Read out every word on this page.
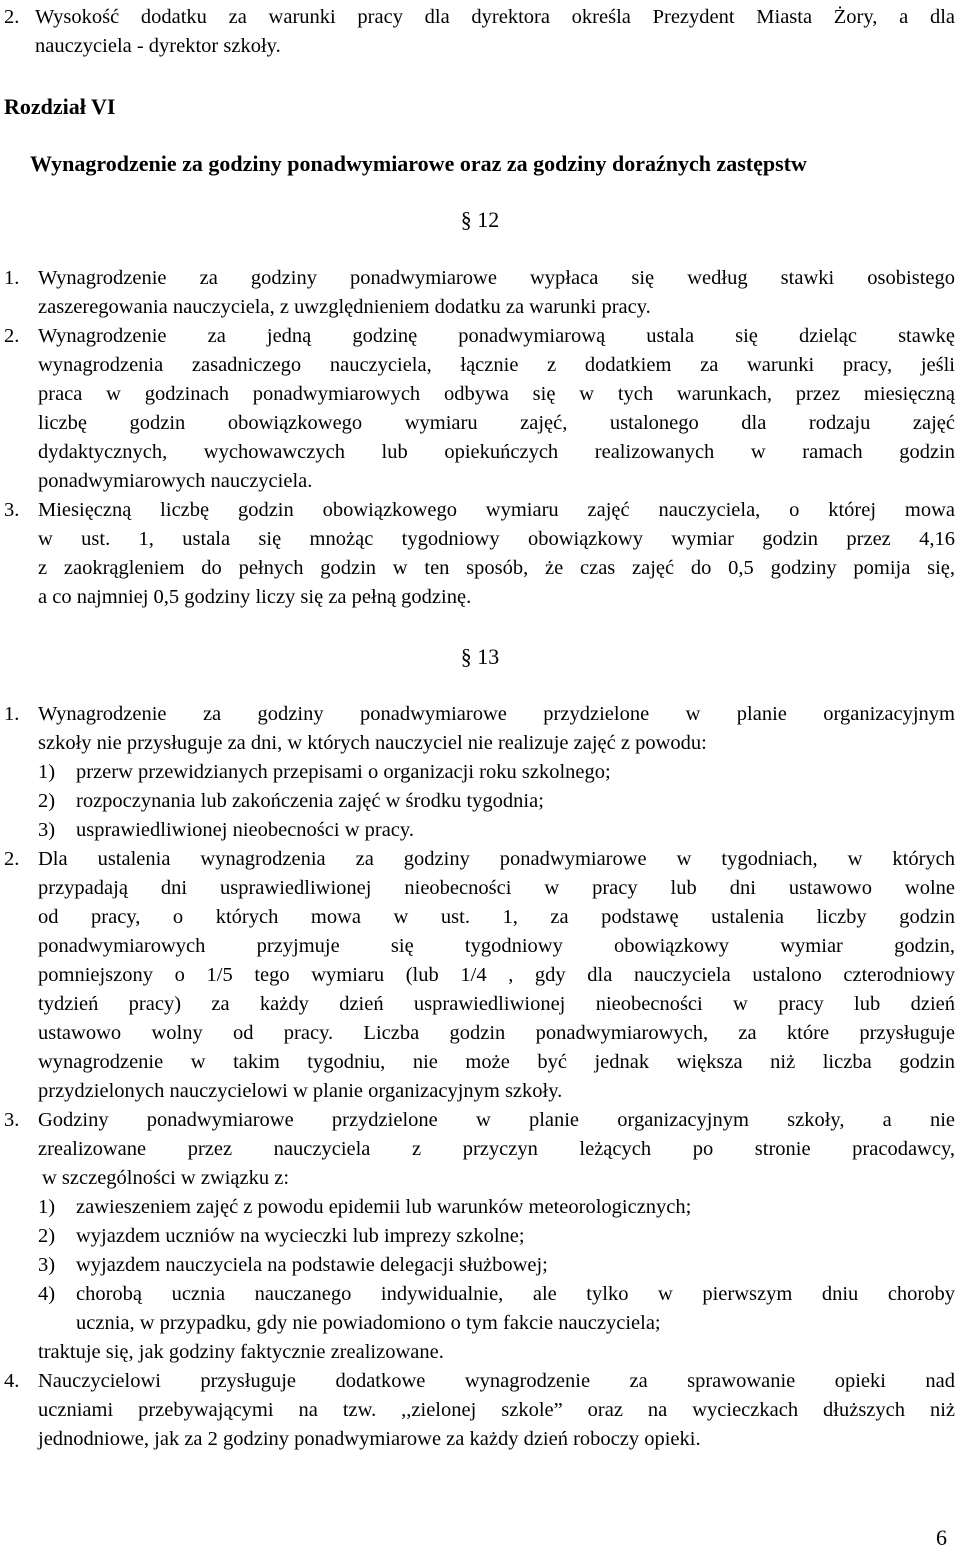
2. Wysokość dodatku za warunki pracy dla dyrektora określa Prezydent Miasta Żory, a dla
nauczyciela - dyrektor szkoły.
Rozdział VI
Wynagrodzenie za godziny ponadwymiarowe oraz za godziny doraźnych zastępstw
§ 12
1. Wynagrodzenie za godziny ponadwymiarowe wypłaca się według stawki osobistego
zaszeregowania nauczyciela, z uwzględnieniem dodatku za warunki pracy.
2. Wynagrodzenie za jedną godzinę ponadwymiarową ustala się dzieląc stawkę
wynagrodzenia zasadniczego nauczyciela, łącznie z dodatkiem za warunki pracy, jeśli
praca w godzinach ponadwymiarowych odbywa się w tych warunkach, przez miesięczną
liczbę godzin obowiązkowego wymiaru zajęć, ustalonego dla rodzaju zajęć
dydaktycznych, wychowawczych lub opiekuńczych realizowanych w ramach godzin
ponadwymiarowych nauczyciela.
3. Miesięczną liczbę godzin obowiązkowego wymiaru zajęć nauczyciela, o której mowa
w ust. 1, ustala się mnożąc tygodniowy obowiązkowy wymiar godzin przez 4,16
z zaokrągleniem do pełnych godzin w ten sposób, że czas zajęć do 0,5 godziny pomija się,
a co najmniej 0,5 godziny liczy się za pełną godzinę.
§ 13
1. Wynagrodzenie za godziny ponadwymiarowe przydzielone w planie organizacyjnym
szkoły nie przysługuje za dni, w których nauczyciel nie realizuje zajęć z powodu:
1) przerw przewidzianych przepisami o organizacji roku szkolnego;
2) rozpoczynania lub zakończenia zajęć w środku tygodnia;
3) usprawiedliwionej nieobecności w pracy.
2. Dla ustalenia wynagrodzenia za godziny ponadwymiarowe w tygodniach, w których
przypadają dni usprawiedliwionej nieobecności w pracy lub dni ustawowo wolne
od pracy, o których mowa w ust. 1, za podstawę ustalenia liczby godzin
ponadwymiarowych przyjmuje się tygodniowy obowiązkowy wymiar godzin,
pomniejszony o 1/5 tego wymiaru (lub 1/4 , gdy dla nauczyciela ustalono czterodniowy
tydzień pracy) za każdy dzień usprawiedliwionej nieobecności w pracy lub dzień
ustawowo wolny od pracy. Liczba godzin ponadwymiarowych, za które przysługuje
wynagrodzenie w takim tygodniu, nie może być jednak większa niż liczba godzin
przydzielonych nauczycielowi w planie organizacyjnym szkoły.
3. Godziny ponadwymiarowe przydzielone w planie organizacyjnym szkoły, a nie
zrealizowane przez nauczyciela z przyczyn leżących po stronie pracodawcy,
w szczególności w związku z:
1) zawieszeniem zajęć z powodu epidemii lub warunków meteorologicznych;
2) wyjazdem uczniów na wycieczki lub imprezy szkolne;
3) wyjazdem nauczyciela na podstawie delegacji służbowej;
4) chorobą ucznia nauczanego indywidualnie, ale tylko w pierwszym dniu choroby
ucznia, w przypadku, gdy nie powiadomiono o tym fakcie nauczyciela;
traktuje się, jak godziny faktycznie zrealizowane.
4. Nauczycielowi przysługuje dodatkowe wynagrodzenie za sprawowanie opieki nad
uczniami przebywającymi na tzw. ,,zielonej szkole” oraz na wycieczkach dłuższych niż
jednodniowe, jak za 2 godziny ponadwymiarowe za każdy dzień roboczy opieki.
6
